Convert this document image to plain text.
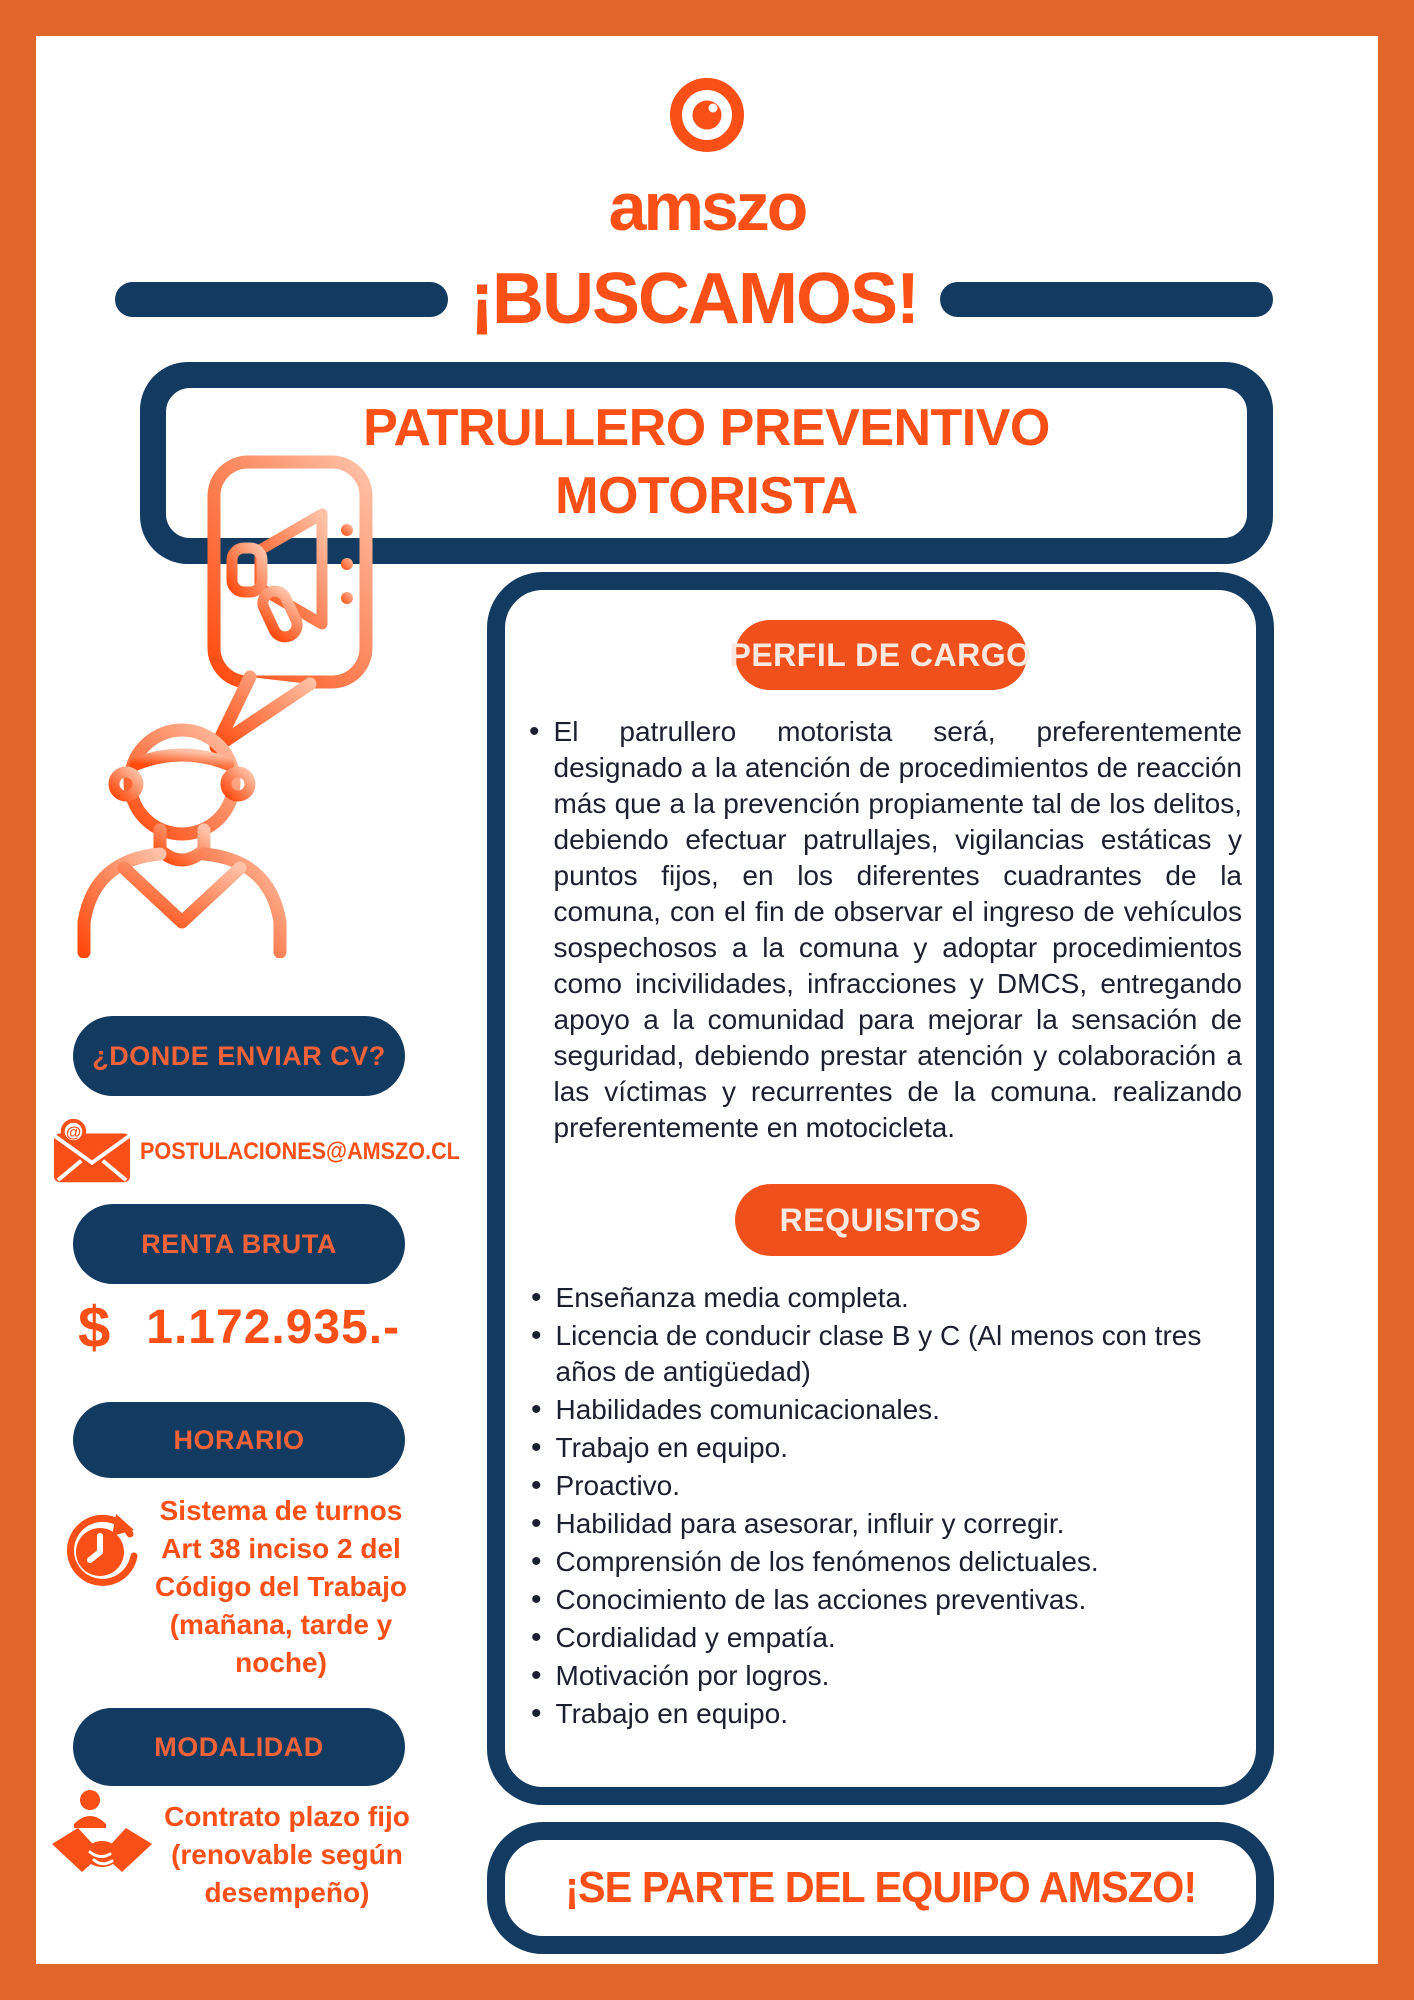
amszo
¡BUSCAMOS!
PATRULLERO PREVENTIVO
MOTORISTA
¿DONDE ENVIAR CV?
@
POSTULACIONES@AMSZO.CL
RENTA BRUTA
$ 1.172.935.-
HORARIO
Sistema de turnos Art 38 inciso 2 del Código del Trabajo (mañana, tarde y noche)
MODALIDAD
Contrato plazo fijo (renovable según desempeño)
PERFIL DE CARGO
• El patrullero motorista será, preferentemente designado a la atención de procedimientos de reacción más que a la prevención propiamente tal de los delitos, debiendo efectuar patrullajes, vigilancias estáticas y puntos fijos, en los diferentes cuadrantes de la comuna, con el fin de observar el ingreso de vehículos sospechosos a la comuna y adoptar procedimientos como incivilidades, infracciones y DMCS, entregando apoyo a la comunidad para mejorar la sensación de seguridad, debiendo prestar atención y colaboración a las víctimas y recurrentes de la comuna. realizando preferentemente en motocicleta.
REQUISITOS
• Enseñanza media completa.
• Licencia de conducir clase B y C (Al menos con tres años de antigüedad)
• Habilidades comunicacionales.
• Trabajo en equipo.
• Proactivo.
• Habilidad para asesorar, influir y corregir.
• Comprensión de los fenómenos delictuales.
• Conocimiento de las acciones preventivas.
• Cordialidad y empatía.
• Motivación por logros.
• Trabajo en equipo.
¡SE PARTE DEL EQUIPO AMSZO!
